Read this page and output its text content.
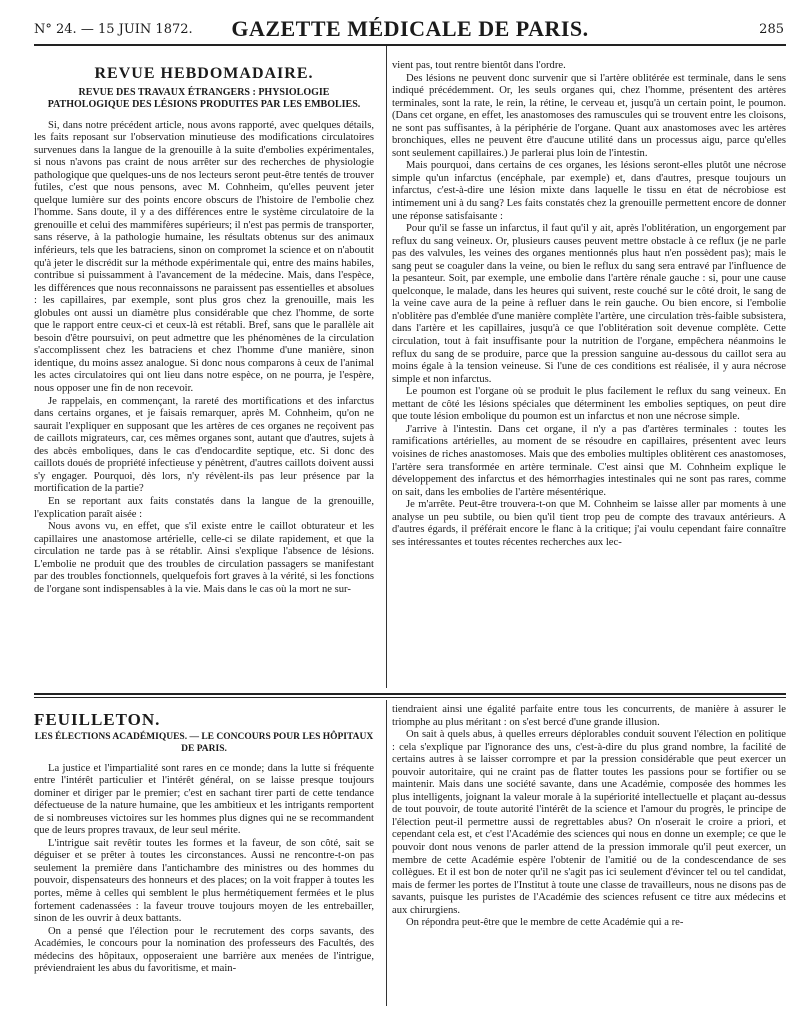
N° 24. — 15 JUIN 1872.	GAZETTE MÉDICALE DE PARIS.	285
REVUE HEBDOMADAIRE.
REVUE DES TRAVAUX ÉTRANGERS : PHYSIOLOGIE PATHOLOGIQUE DES LÉSIONS PRODUITES PAR LES EMBOLIES.

Si, dans notre précédent article, nous avons rapporté, avec quelques détails, les faits reposant sur l'observation minutieuse des modifications circulatoires survenues dans la langue de la grenouille à la suite d'embolies expérimentales, si nous n'avons pas craint de nous arrêter sur des recherches de physiologie pathologique que quelques-uns de nos lecteurs seront peut-être tentés de trouver futiles, c'est que nous pensons, avec M. Cohnheim, qu'elles peuvent jeter quelque lumière sur des points encore obscurs de l'histoire de l'embolie chez l'homme. Sans doute, il y a des différences entre le système circulatoire de la grenouille et celui des mammifères supérieurs; il n'est pas permis de transporter, sans réserve, à la pathologie humaine, les résultats obtenus sur des animaux inférieurs, tels que les batraciens, sinon on compromet la science et on n'aboutit qu'à jeter le discrédit sur la méthode expérimentale qui, entre des mains habiles, contribue si puissamment à l'avancement de la médecine. Mais, dans l'espèce, les différences que nous reconnaissons ne paraissent pas essentielles et absolues : les capillaires, par exemple, sont plus gros chez la grenouille, mais les globules ont aussi un diamètre plus considérable que chez l'homme, de sorte que le rapport entre ceux-ci et ceux-là est rétabli. Bref, sans que le parallèle ait besoin d'être poursuivi, on peut admettre que les phénomènes de la circulation s'accomplissent chez les batraciens et chez l'homme d'une manière, sinon identique, du moins assez analogue. Si donc nous comparons à ceux de l'animal les actes circulatoires qui ont lieu dans notre espèce, on ne pourra, je l'espère, nous opposer une fin de non recevoir.

Je rappelais, en commençant, la rareté des mortifications et des infarctus dans certains organes, et je faisais remarquer, après M. Cohnheim, qu'on ne saurait l'expliquer en supposant que les artères de ces organes ne reçoivent pas de caillots migrateurs, car, ces mêmes organes sont, autant que d'autres, sujets à des abcès emboliques, dans le cas d'endocardite septique, etc. Si donc des caillots doués de propriété infectieuse y pénètrent, d'autres caillots doivent aussi s'y engager. Pourquoi, dès lors, n'y révèlent-ils pas leur présence par la mortification de la partie?

En se reportant aux faits constatés dans la langue de la grenouille, l'explication paraît aisée :

Nous avons vu, en effet, que s'il existe entre le caillot obturateur et les capillaires une anastomose artérielle, celle-ci se dilate rapidement, et que la circulation ne tarde pas à se rétablir. Ainsi s'explique l'absence de lésions. L'embolie ne produit que des troubles de circulation passagers se manifestant par des troubles fonctionnels, quelquefois fort graves à la vérité, si les fonctions de l'organe sont indispensables à la vie. Mais dans le cas où la mort ne sur-

vient pas, tout rentre bientôt dans l'ordre.

Des lésions ne peuvent donc survenir que si l'artère oblitérée est terminale, dans le sens indiqué précédemment. Or, les seuls organes qui, chez l'homme, présentent des artères terminales, sont la rate, le rein, la rétine, le cerveau et, jusqu'à un certain point, le poumon. (Dans cet organe, en effet, les anastomoses des ramuscules qui se trouvent entre les cloisons, ne sont pas suffisantes, à la périphérie de l'organe. Quant aux anastomoses avec les artères bronchiques, elles ne peuvent être d'aucune utilité dans un processus aigu, parce qu'elles sont seulement capillaires.) Je parlerai plus loin de l'intestin.

Mais pourquoi, dans certains de ces organes, les lésions seront-elles plutôt une nécrose simple qu'un infarctus (encéphale, par exemple) et, dans d'autres, presque toujours un infarctus, c'est-à-dire une lésion mixte dans laquelle le tissu en état de nécrobiose est intimement uni à du sang? Les faits constatés chez la grenouille permettent encore de donner une réponse satisfaisante :

Pour qu'il se fasse un infarctus, il faut qu'il y ait, après l'oblitération, un engorgement par reflux du sang veineux. Or, plusieurs causes peuvent mettre obstacle à ce reflux (je ne parle pas des valvules, les veines des organes mentionnés plus haut n'en possèdent pas); mais le sang peut se coaguler dans la veine, ou bien le reflux du sang sera entravé par l'influence de la pesanteur. Soit, par exemple, une embolie dans l'artère rénale gauche : si, pour une cause quelconque, le malade, dans les heures qui suivent, reste couché sur le côté droit, le sang de la veine cave aura de la peine à refluer dans le rein gauche. Ou bien encore, si l'embolie n'oblitère pas d'emblée d'une manière complète l'artère, une circulation très-faible subsistera, dans l'artère et les capillaires, jusqu'à ce que l'oblitération soit devenue complète. Cette circulation, tout à fait insuffisante pour la nutrition de l'organe, empêchera néanmoins le reflux du sang de se produire, parce que la pression sanguine au-dessous du caillot sera au moins égale à la tension veineuse. Si l'une de ces conditions est réalisée, il y aura nécrose simple et non infarctus.

Le poumon est l'organe où se produit le plus facilement le reflux du sang veineux. En mettant de côté les lésions spéciales que déterminent les embolies septiques, on peut dire que toute lésion embolique du poumon est un infarctus et non une nécrose simple.

J'arrive à l'intestin. Dans cet organe, il n'y a pas d'artères terminales : toutes les ramifications artérielles, au moment de se résoudre en capillaires, présentent avec leurs voisines de riches anastomoses. Mais que des embolies multiples oblitèrent ces anastomoses, l'artère sera transformée en artère terminale. C'est ainsi que M. Cohnheim explique le développement des infarctus et des hémorrhagies intestinales qui ne sont pas rares, comme on sait, dans les embolies de l'artère mésentérique.

Je m'arrête. Peut-être trouvera-t-on que M. Cohnheim se laisse aller par moments à une analyse un peu subtile, ou bien qu'il tient trop peu de compte des travaux antérieurs. A d'autres égards, il préférait encore le flanc à la critique; j'ai voulu cependant faire connaître ses intéressantes et toutes récentes recherches aux lec-

FEUILLETON.
LES ÉLECTIONS ACADÉMIQUES. — LE CONCOURS POUR LES HÔPITAUX DE PARIS.

La justice et l'impartialité sont rares en ce monde; dans la lutte si fréquente entre l'intérêt particulier et l'intérêt général, on se laisse presque toujours dominer et diriger par le premier; c'est en sachant tirer parti de cette tendance défectueuse de la nature humaine, que les ambitieux et les intrigants remportent de si nombreuses victoires sur les hommes plus dignes qui ne se recommandent que de leurs propres travaux, de leur seul mérite.

L'intrigue sait revêtir toutes les formes et la faveur, de son côté, sait se déguiser et se prêter à toutes les circonstances. Aussi ne rencontre-t-on pas seulement la première dans l'antichambre des ministres ou des hommes du pouvoir, dispensateurs des honneurs et des places; on la voit frapper à toutes les portes, même à celles qui semblent le plus hermétiquement fermées et le plus fortement cadenassées : la faveur trouve toujours moyen de les entrebailler, sinon de les ouvrir à deux battants.

On a pensé que l'élection pour le recrutement des corps savants, des Académies, le concours pour la nomination des professeurs des Facultés, des médecins des hôpitaux, opposeraient une barrière aux menées de l'intrigue, préviendraient les abus du favoritisme, et main-

tiendraient ainsi une égalité parfaite entre tous les concurrents, de manière à assurer le triomphe au plus méritant : on s'est bercé d'une grande illusion.

On sait à quels abus, à quelles erreurs déplorables conduit souvent l'élection en politique : cela s'explique par l'ignorance des uns, c'est-à-dire du plus grand nombre, la facilité de certains autres à se laisser corrompre et par la pression considérable que peut exercer un pouvoir autoritaire, qui ne craint pas de flatter toutes les passions pour se fortifier ou se maintenir. Mais dans une société savante, dans une Académie, composée des hommes les plus intelligents, joignant la valeur morale à la supériorité intellectuelle et plaçant au-dessus de tout pouvoir, de toute autorité l'intérêt de la science et l'amour du progrès, le principe de l'élection peut-il permettre aussi de regrettables abus? On n'oserait le croire a priori, et cependant cela est, et c'est l'Académie des sciences qui nous en donne un exemple; ce que le pouvoir dont nous venons de parler attend de la pression immorale qu'il peut exercer, un membre de cette Académie espère l'obtenir de l'amitié ou de la condescendance de ses collègues. Et il est bon de noter qu'il ne s'agit pas ici seulement d'évincer tel ou tel candidat, mais de fermer les portes de l'Institut à toute une classe de travailleurs, nous ne disons pas de savants, puisque les puristes de l'Académie des sciences refusent ce titre aux médecins et aux chirurgiens.

On répondra peut-être que le membre de cette Académie qui a re-
